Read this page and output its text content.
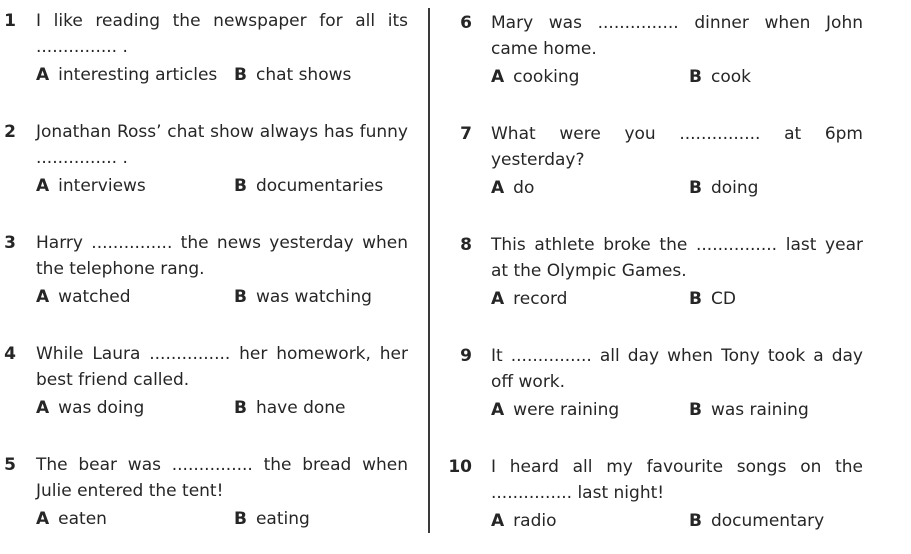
1 I like reading the newspaper for all its ............... .
A interesting articles B chat shows
2 Jonathan Ross’ chat show always has funny ............... .
A interviews	B documentaries
3 Harry ............... the news yesterday when the telephone rang.
A watched	B was watching
4 While Laura ............... her homework, her best friend called.
A was doing	B have done
5 The bear was ............... the bread when Julie entered the tent!
A eaten	B eating
6 Mary was ............... dinner when John came home.
A cooking	B cook
7 What were you ............... at 6pm yesterday?
A do	B doing
8 This athlete broke the ............... last year at the Olympic Games.
A record	B CD
9 It ............... all day when Tony took a day off work.
A were raining	B was raining
10 I heard all my favourite songs on the ............... last night!
A radio	B documentary
